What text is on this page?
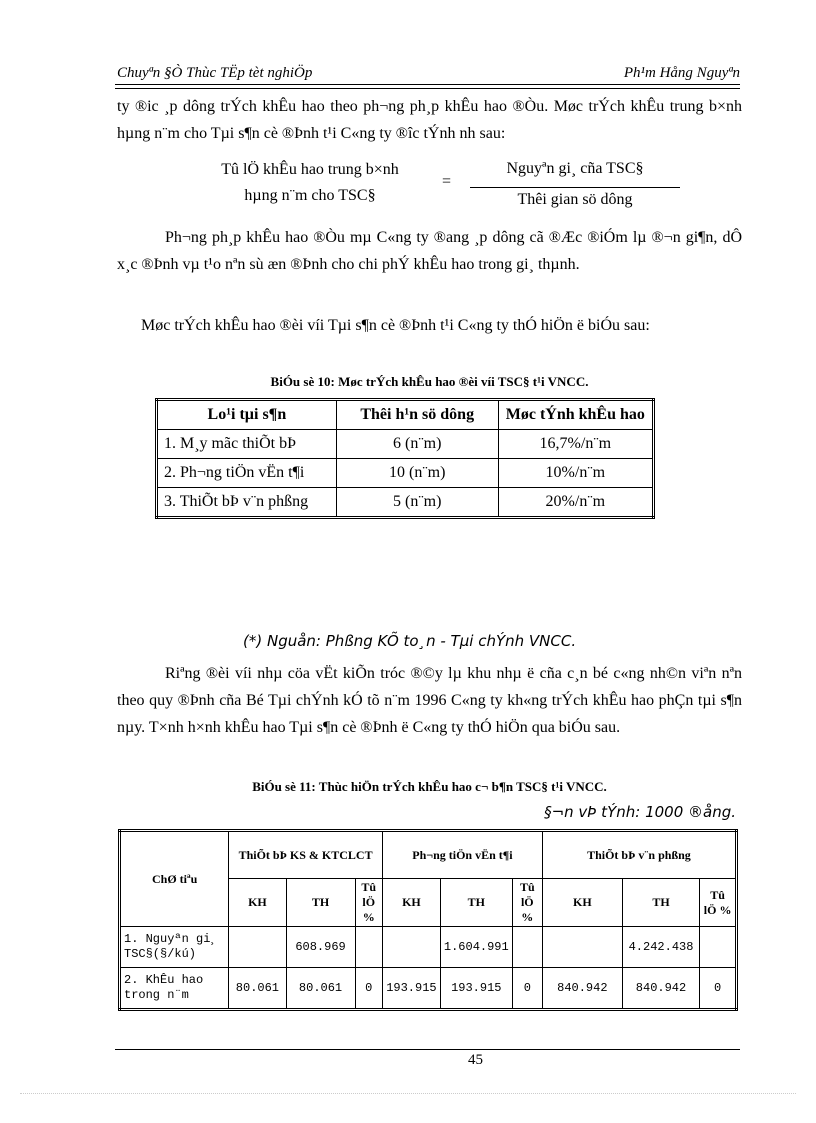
Chuyªn §Ò Thùc TËp tèt nghiÖp	Ph¹m Hång Nguyªn

ty ®ic ¸p dông trÝch khÊu hao theo ph¬ng ph¸p khÊu hao ®Òu. Møc trÝch khÊu trung b×nh hµng n¨m cho Tµi s¶n cè ®Þnh t¹i C«ng ty ®îc tÝnh nh sau:

Tû lÖ khÊu hao trung b×nh
hµng n¨m cho TSC§
=
Nguyªn gi¸ cña TSC§
Thêi gian sö dông

Ph¬ng ph¸p khÊu hao ®Òu mµ C«ng ty ®ang ¸p dông cã ®Æc ®iÓm lµ ®¬n gi¶n, dÔ x¸c ®Þnh vµ t¹o nªn sù æn ®Þnh cho chi phÝ khÊu hao trong gi¸ thµnh.

Møc trÝch khÊu hao ®èi víi Tµi s¶n cè ®Þnh t¹i C«ng ty thÓ hiÖn ë biÓu sau:

BiÓu sè 10: Møc trÝch khÊu hao ®èi víi TSC§ t¹i VNCC.
Lo¹i tµi s¶n	Thêi h¹n sö dông	Møc tÝnh khÊu hao
1. M¸y mãc thiÕt bÞ	6 (n¨m)	16,7%/n¨m
2. Ph¬ng tiÖn vËn t¶i	10 (n¨m)	10%/n¨m
3. ThiÕt bÞ v¨n phßng	5 (n¨m)	20%/n¨m
(*) Nguån: Phßng KÕ to¸n - Tµi chÝnh VNCC.

Riªng ®èi víi nhµ cöa vËt kiÕn tróc ®©y lµ khu nhµ ë cña c¸n bé c«ng nh©n viªn nªn theo quy ®Þnh cña Bé Tµi chÝnh kÓ tõ n¨m 1996 C«ng ty kh«ng trÝch khÊu hao phÇn tµi s¶n nµy. T×nh h×nh khÊu hao Tµi s¶n cè ®Þnh ë C«ng ty thÓ hiÖn qua biÓu sau.

BiÓu sè 11: Thùc hiÖn trÝch khÊu hao c¬ b¶n TSC§ t¹i VNCC.
§¬n vÞ tÝnh: 1000 ®ång.
ChØ tiªu	ThiÕt bÞ KS & KTCLCT			Ph¬ng tiÖn vËn t¶i			ThiÕt bÞ v¨n phßng		
	KH	TH	Tû lÖ %	KH	TH	Tû lÖ %	KH	TH	Tû lÖ %
1. Nguyªn gi¸ TSC§(§/kú)		608.969			1.604.991			4.242.438	
2. KhÊu hao trong n¨m	80.061	80.061	0	193.915	193.915	0	840.942	840.942	0
45
